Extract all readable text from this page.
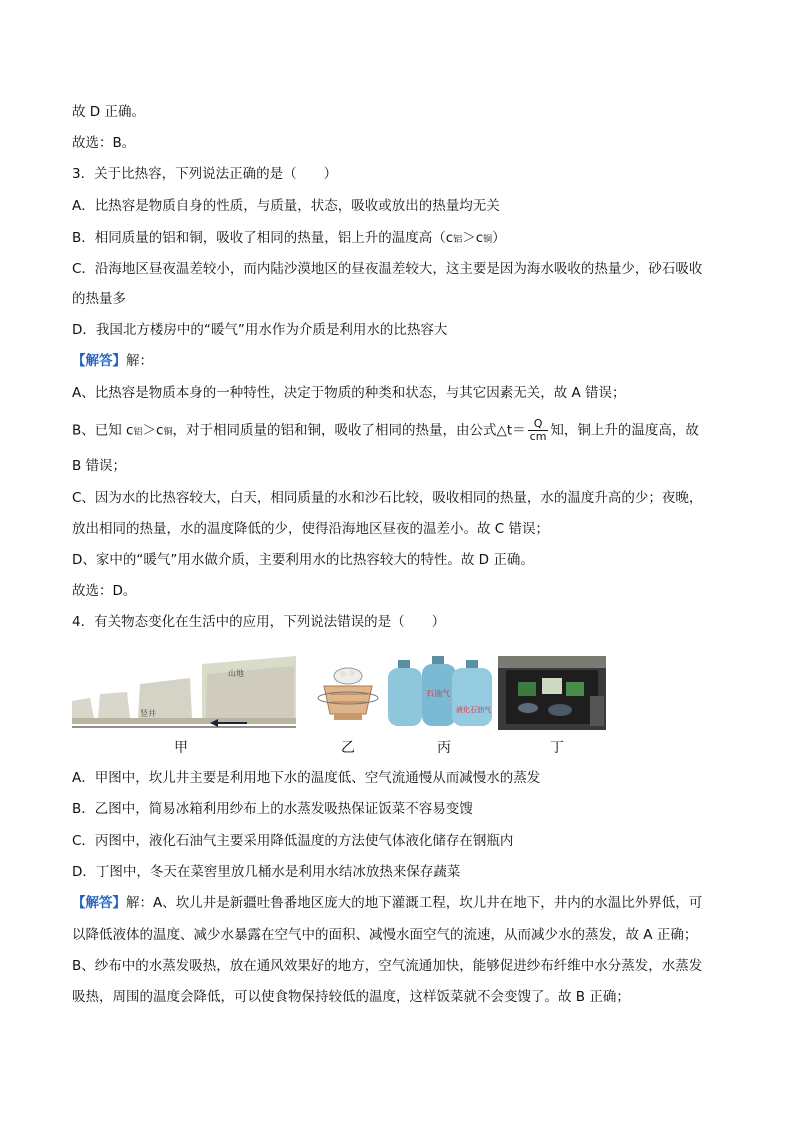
故 D 正确。
故选：B。
3．关于比热容，下列说法正确的是（　　）
A．比热容是物质自身的性质，与质量，状态，吸收或放出的热量均无关
B．相同质量的铝和铜，吸收了相同的热量，铝上升的温度高（c铝＞c铜）
C．沿海地区昼夜温差较小，而内陆沙漠地区的昼夜温差较大，这主要是因为海水吸收的热量少，砂石吸收
的热量多
D．我国北方楼房中的“暖气”用水作为介质是利用水的比热容大
【解答】解：
A、比热容是物质本身的一种特性，决定于物质的种类和状态，与其它因素无关，故 A 错误；
B、已知 c铝＞c铜，对于相同质量的铝和铜，吸收了相同的热量，由公式△t＝ $\frac{Q}{cm}$ 知，铜上升的温度高，故
B 错误；
C、因为水的比热容较大，白天，相同质量的水和沙石比较，吸收相同的热量，水的温度升高的少；夜晚，
放出相同的热量，水的温度降低的少，使得沿海地区昼夜的温差小。故 C 错误；
D、家中的“暖气”用水做介质，主要利用水的比热容较大的特性。故 D 正确。
故选：D。
4．有关物态变化在生活中的应用，下列说法错误的是（　　）
山地
竖井
石油气
液化石油气
甲	乙	丙	丁
A．甲图中，坎儿井主要是利用地下水的温度低、空气流通慢从而减慢水的蒸发
B．乙图中，简易冰箱利用纱布上的水蒸发吸热保证饭菜不容易变馊
C．丙图中，液化石油气主要采用降低温度的方法使气体液化储存在钢瓶内
D．丁图中，冬天在菜窖里放几桶水是利用水结冰放热来保存蔬菜
【解答】解：A、坎儿井是新疆吐鲁番地区庞大的地下灌溉工程，坎儿井在地下，井内的水温比外界低，可
以降低液体的温度、减少水暴露在空气中的面积、减慢水面空气的流速，从而减少水的蒸发，故 A 正确；
B、纱布中的水蒸发吸热，放在通风效果好的地方，空气流通加快，能够促进纱布纤维中水分蒸发，水蒸发
吸热，周围的温度会降低，可以使食物保持较低的温度，这样饭菜就不会变馊了。故 B 正确；
